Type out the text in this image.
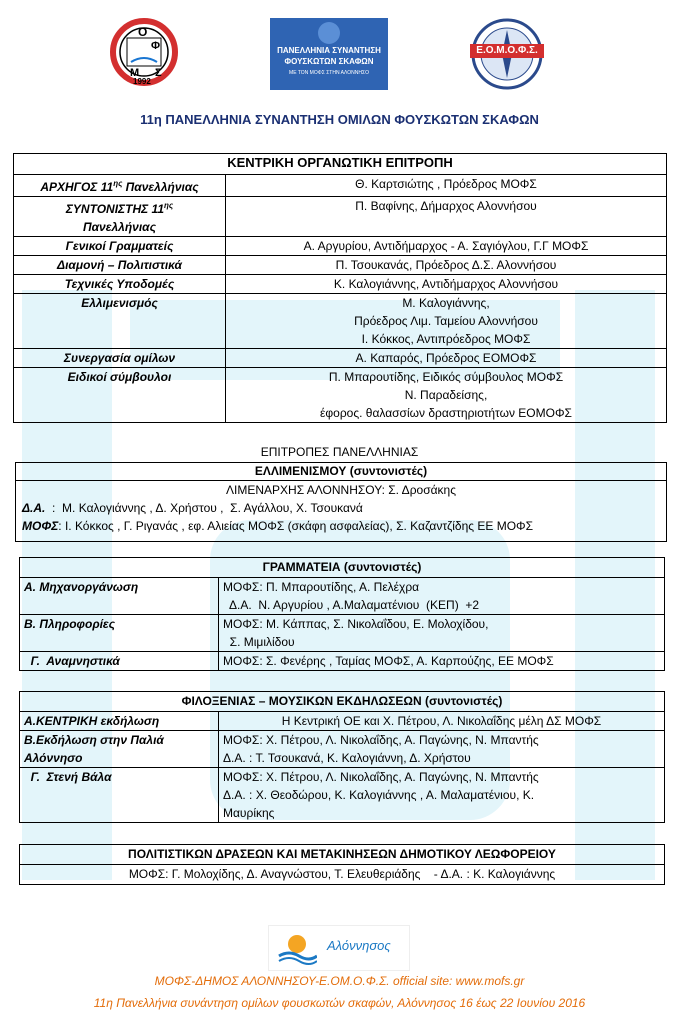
Ο
Φ
Μ Σ
1992
ΠΑΝΕΛΛΗΝΙΑ ΣΥΝΑΝΤΗΣΗ
ΦΟΥΣΚΩΤΩΝ ΣΚΑΦΩΝ
ΜΕ ΤΟΝ ΜΟΦΣ ΣΤΗΝ ΑΛΟΝΝΗΣΟ
Ε.Ο.Μ.Ο.Φ.Σ.
11η ΠΑΝΕΛΛΗΝΙΑ ΣΥΝΑΝΤΗΣΗ ΟΜΙΛΩΝ ΦΟΥΣΚΩΤΩΝ ΣΚΑΦΩΝ
ΚΕΝΤΡΙΚΗ ΟΡΓΑΝΩΤΙΚΗ ΕΠΙΤΡΟΠΗ	
ΑΡΧΗΓΟΣ $11^{\eta\varsigma}$ Πανελλήνιας	Θ. Καρτσιώτης , Πρόεδρος ΜΟΦΣ
ΣΥΝΤΟΝΙΣΤΗΣ $11^{\eta\varsigma}$
Πανελλήνιας	Π. Βαφίνης, Δήμαρχος Αλοννήσου
Γενικοί Γραμματείς	Α. Αργυρίου, Αντιδήμαρχος - Α. Σαγιόγλου, Γ.Γ ΜΟΦΣ
Διαμονή – Πολιτιστικά	Π. Τσουκανάς, Πρόεδρος Δ.Σ. Αλοννήσου
Τεχνικές Υποδομές	Κ. Καλογιάννης, Αντιδήμαρχος Αλοννήσου
Ελλιμενισμός	Μ. Καλογιάννης,
Πρόεδρος Λιμ. Ταμείου Αλοννήσου
Ι. Κόκκος, Αντιπρόεδρος ΜΟΦΣ

Συνεργασία ομίλων	Α. Καπαρός, Πρόεδρος ΕΟΜΟΦΣ
Ειδικοί σύμβουλοι	Π. Μπαρουτίδης, Ειδικός σύμβουλος ΜΟΦΣ
Ν. Παραδείσης,
έφορος. θαλασσίων δραστηριοτήτων ΕΟΜΟΦΣ
ΕΠΙΤΡΟΠΕΣ ΠΑΝΕΛΛΗΝΙΑΣ
ΕΛΛΙΜΕΝΙΣΜΟΥ (συντονιστές)
ΛΙΜΕΝΑΡΧΗΣ ΑΛΟΝΝΗΣΟΥ: Σ. Δροσάκης
Δ.Α.  :  Μ. Καλογιάννης , Δ. Χρήστου ,  Σ. Αγάλλου, Χ. Τσουκανά
ΜΟΦΣ: Ι. Κόκκος , Γ. Ριγανάς , εφ. Αλιείας ΜΟΦΣ (σκάφη ασφαλείας), Σ. Καζαντζίδης ΕΕ ΜΟΦΣ
ΓΡΑΜΜΑΤΕΙΑ (συντονιστές)
Α. Μηχανοργάνωση	ΜΟΦΣ: Π. Μπαρουτίδης, Α. Πελέχρα
Δ.Α.  Ν. Αργυρίου , Α.Μαλαματένιου  (ΚΕΠ)  +2

Β. Πληροφορίες	ΜΟΦΣ: Μ. Κάππας, Σ. Νικολαΐδου, Ε. Μολοχίδου,
Σ. Μιμιλίδου

Γ.  Αναμνηστικά	ΜΟΦΣ: Σ. Φενέρης , Ταμίας ΜΟΦΣ, Α. Καρπούζης, ΕΕ ΜΟΦΣ
ΦΙΛΟΞΕΝΙΑΣ – ΜΟΥΣΙΚΩΝ ΕΚΔΗΛΩΣΕΩΝ (συντονιστές)
Α.ΚΕΝΤΡΙΚΗ εκδήλωση	Η Κεντρική ΟΕ και Χ. Πέτρου, Λ. Νικολαΐδης μέλη ΔΣ ΜΟΦΣ
Β.Εκδήλωση στην Παλιά Αλόννησο	ΜΟΦΣ: Χ. Πέτρου, Λ. Νικολαΐδης, Α. Παγώνης, Ν. Μπαντής
Δ.Α. : Τ. Τσουκανά, Κ. Καλογιάννη, Δ. Χρήστου

Γ.  Στενή Βάλα	ΜΟΦΣ: Χ. Πέτρου, Λ. Νικολαΐδης, Α. Παγώνης, Ν. Μπαντής
Δ.Α. : Χ. Θεοδώρου, Κ. Καλογιάννης , Α. Μαλαματένιου, Κ.
Μαυρίκης
ΠΟΛΙΤΙΣΤΙΚΩΝ ΔΡΑΣΕΩΝ ΚΑΙ ΜΕΤΑΚΙΝΗΣΕΩΝ ΔΗΜΟΤΙΚΟΥ ΛΕΩΦΟΡΕΙΟΥ
ΜΟΦΣ: Γ. Μολοχίδης, Δ. Αναγνώστου, Τ. Ελευθεριάδης    - Δ.Α. : Κ. Καλογιάννης
Αλόννησος
ΜΟΦΣ-ΔΗΜΟΣ ΑΛΟΝΝΗΣΟΥ-Ε.ΟΜ.Ο.Φ.Σ. official site: www.mofs.gr
11η Πανελλήνια συνάντηση ομίλων φουσκωτών σκαφών, Αλόννησος 16 έως 22 Ιουνίου 2016
